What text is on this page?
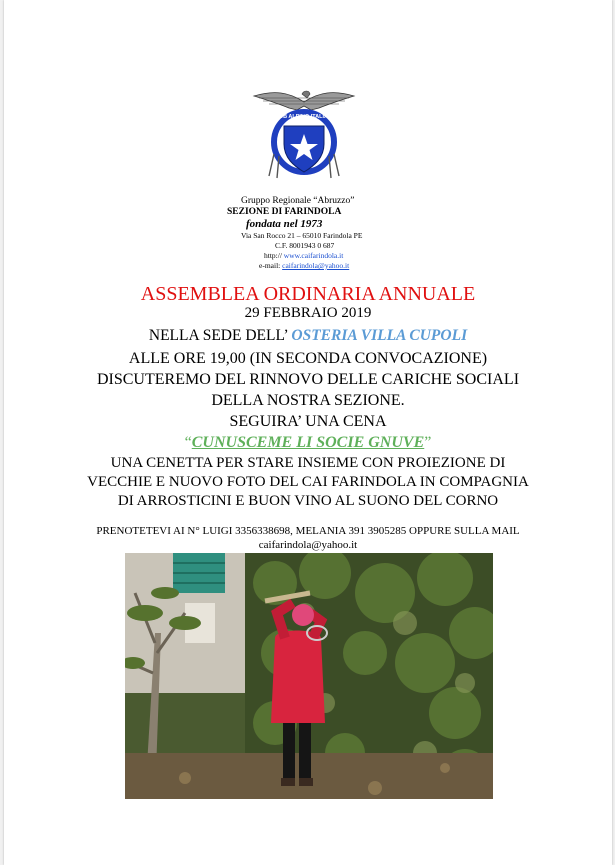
CLUB ALPINO ITALIANO
Gruppo Regionale “Abruzzo”
SEZIONE DI FARINDOLA
fondata nel 1973
Via San Rocco 21 – 65010 Farindola PE
C.F. 8001943 0 687
http:// www.caifarindola.it
e-mail: caifarindola@yahoo.it
ASSEMBLEA ORDINARIA ANNUALE
29 FEBBRAIO 2019
NELLA SEDE DELL’ OSTERIA VILLA CUPOLI
ALLE ORE 19,00 (IN SECONDA CONVOCAZIONE)
DISCUTEREMO DEL RINNOVO DELLE CARICHE SOCIALI
DELLA NOSTRA SEZIONE.
SEGUIRA’ UNA CENA
“CUNUSCEME LI SOCIE GNUVE”
UNA CENETTA PER STARE INSIEME CON PROIEZIONE DI
VECCHIE E NUOVO FOTO DEL CAI FARINDOLA IN COMPAGNIA
DI ARROSTICINI E BUON VINO AL SUONO DEL CORNO
PRENOTETEVI AI N° LUIGI 3356338698, MELANIA 391 3905285 OPPURE SULLA MAIL
caifarindola@yahoo.it
